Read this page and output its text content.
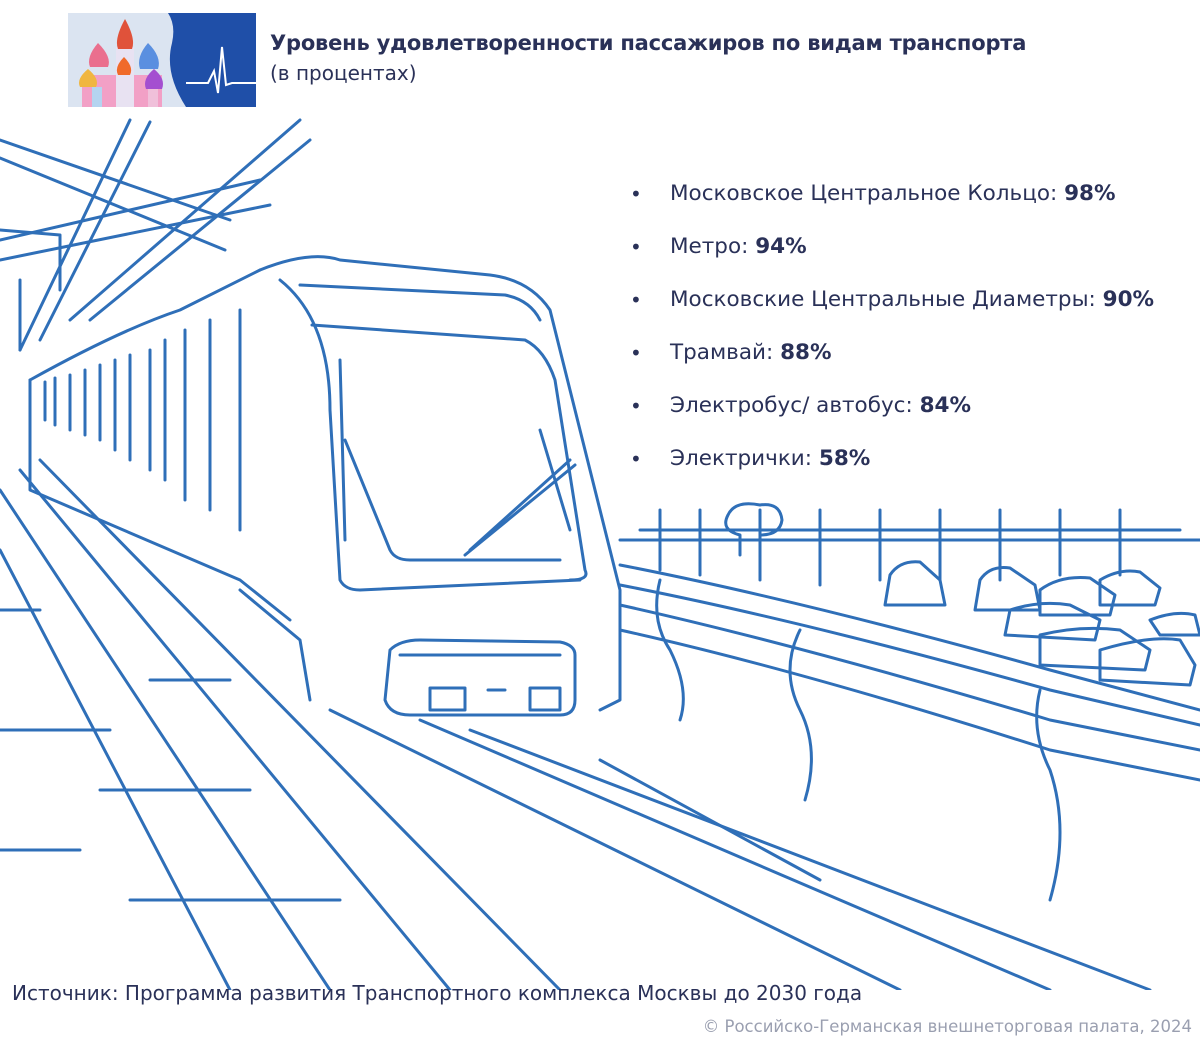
Уровень удовлетворенности пассажиров по видам транспорта
(в процентах)
• Московское Центральное Кольцо: 98%
• Метро: 94%
• Московские Центральные Диаметры: 90%
• Трамвай: 88%
• Электробус/ автобус: 84%
• Электрички: 58%
Источник: Программа развития Транспортного комплекса Москвы до 2030 года
© Российско-Германская внешнеторговая палата, 2024
